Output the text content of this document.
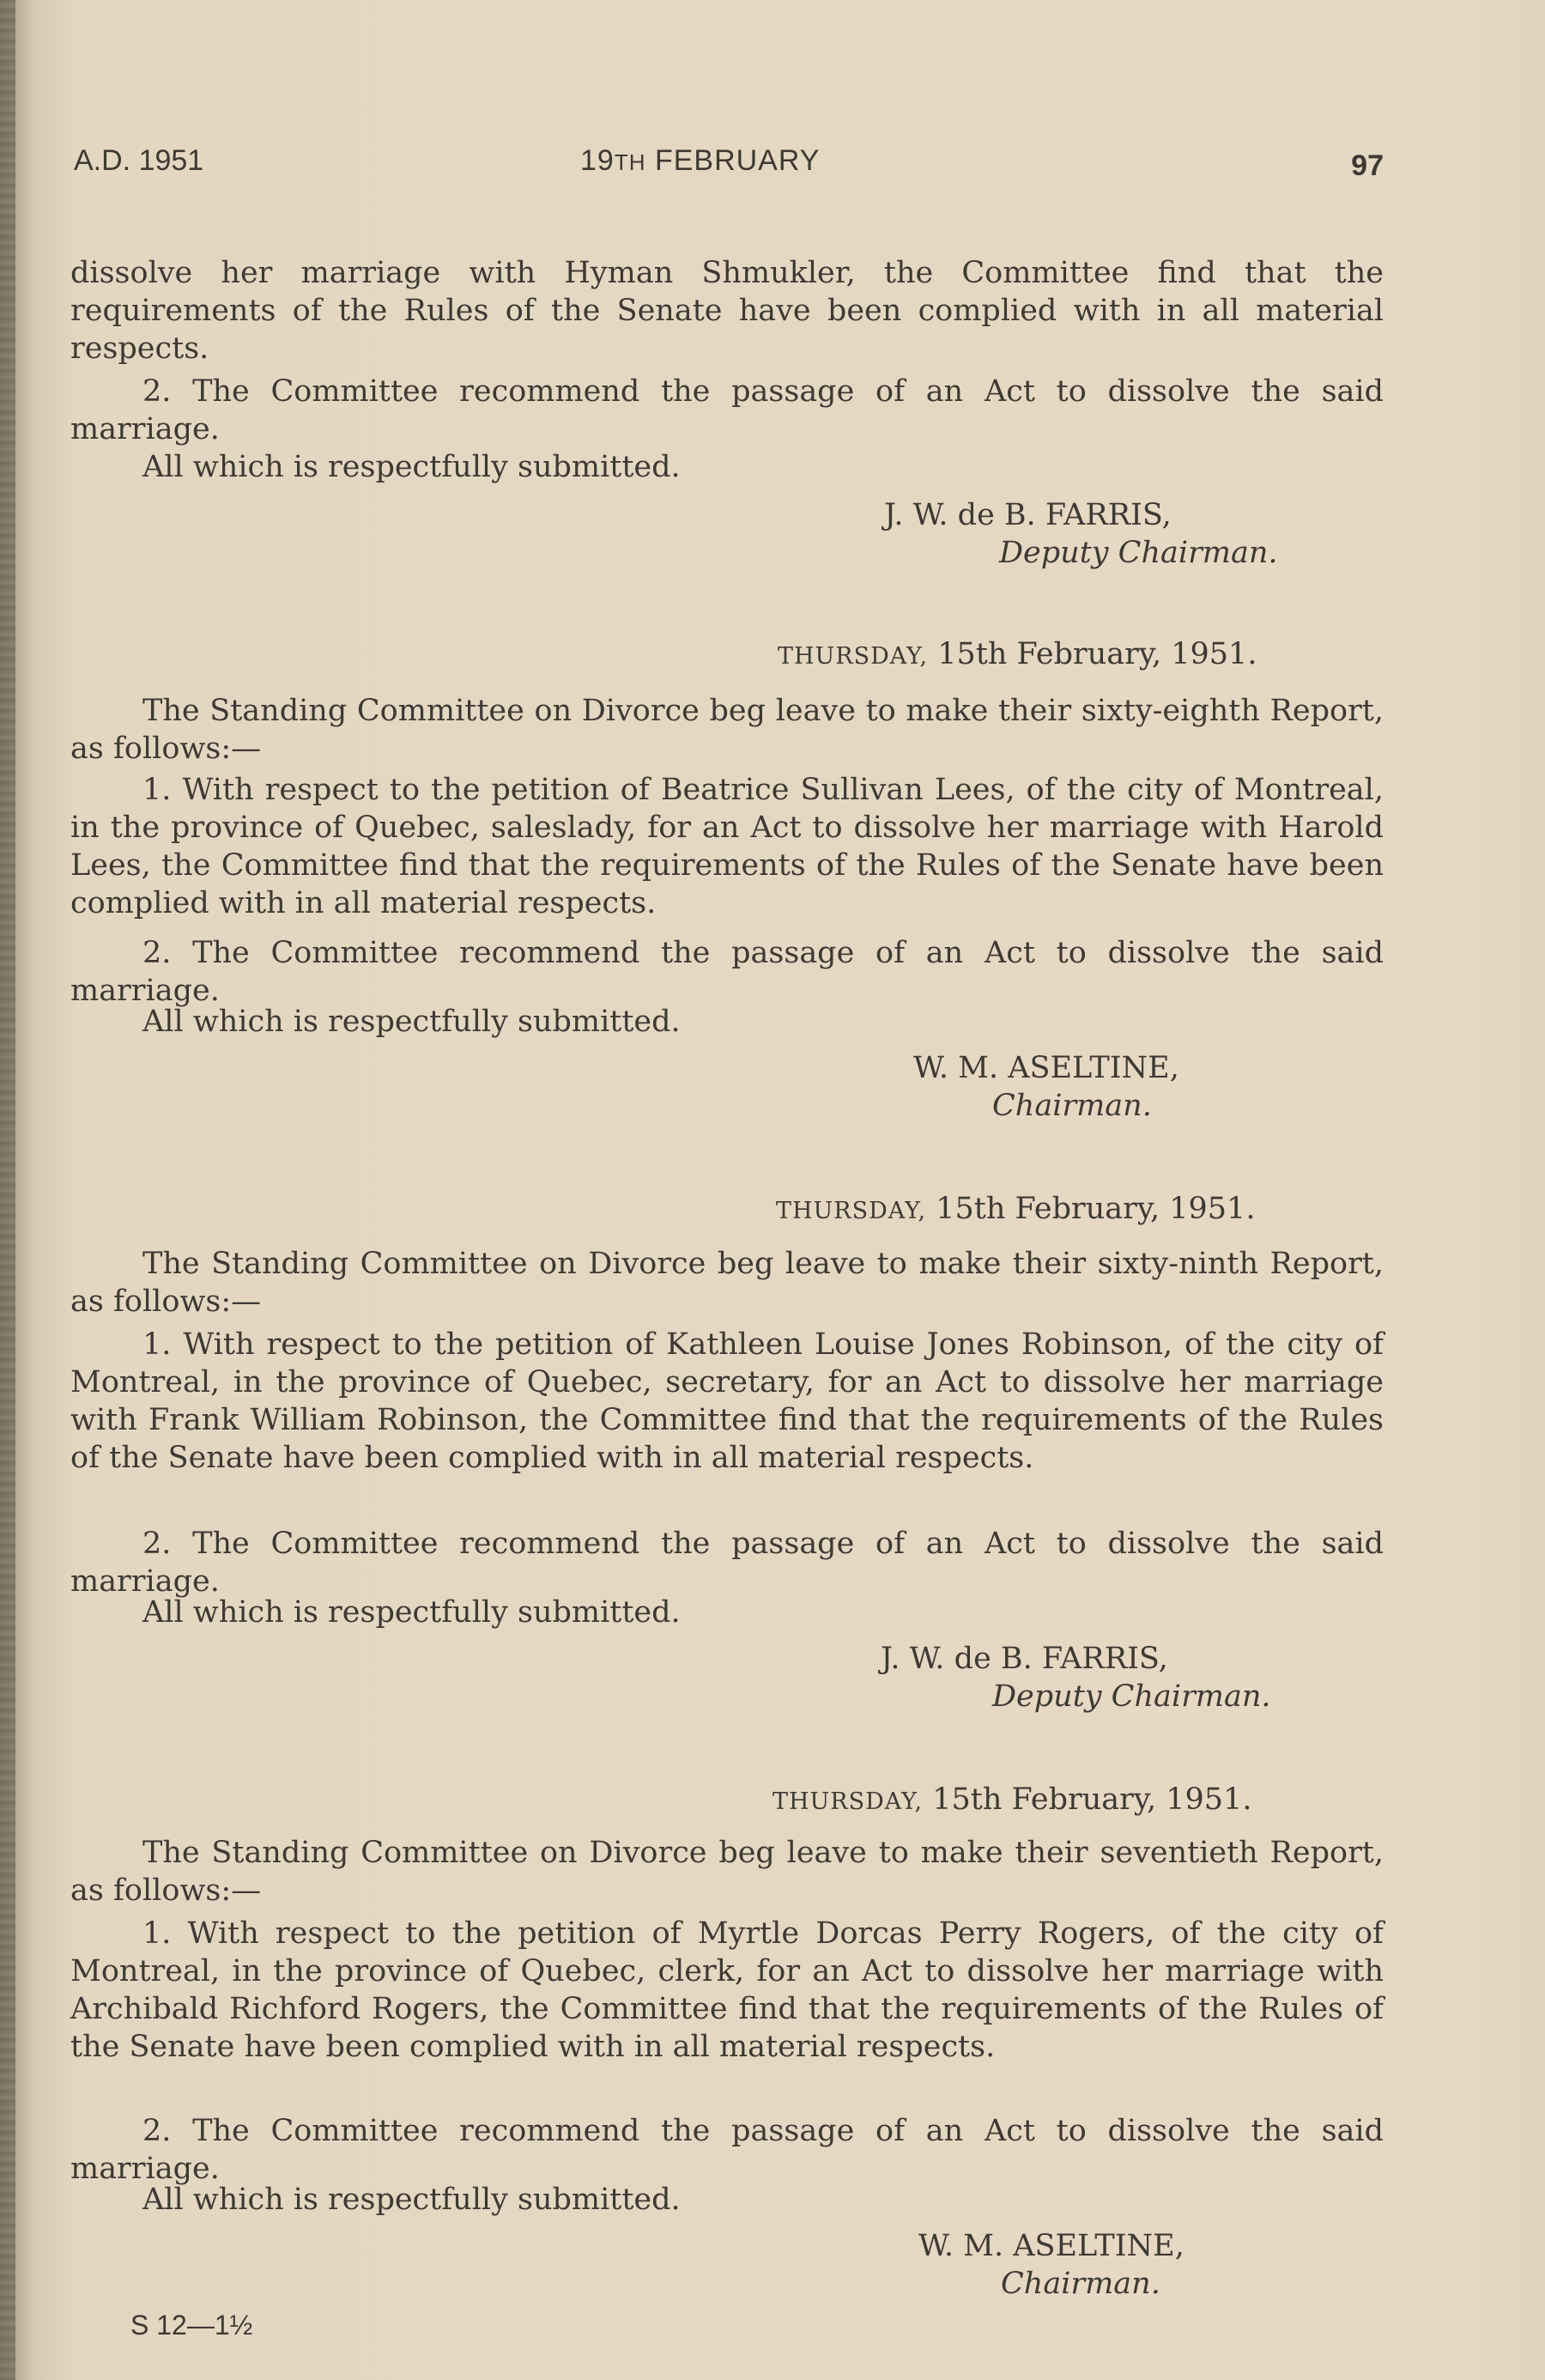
A.D. 1951	19TH FEBRUARY	97
dissolve her marriage with Hyman Shmukler, the Committee find that the requirements of the Rules of the Senate have been complied with in all material respects.
2. The Committee recommend the passage of an Act to dissolve the said marriage.
All which is respectfully submitted.
J. W. de B. FARRIS,
Deputy Chairman.
THURSDAY, 15th February, 1951.
The Standing Committee on Divorce beg leave to make their sixty-eighth Report, as follows:—
1. With respect to the petition of Beatrice Sullivan Lees, of the city of Montreal, in the province of Quebec, saleslady, for an Act to dissolve her marriage with Harold Lees, the Committee find that the requirements of the Rules of the Senate have been complied with in all material respects.
2. The Committee recommend the passage of an Act to dissolve the said marriage.
All which is respectfully submitted.
W. M. ASELTINE,
Chairman.
THURSDAY, 15th February, 1951.
The Standing Committee on Divorce beg leave to make their sixty-ninth Report, as follows:—
1. With respect to the petition of Kathleen Louise Jones Robinson, of the city of Montreal, in the province of Quebec, secretary, for an Act to dissolve her marriage with Frank William Robinson, the Committee find that the requirements of the Rules of the Senate have been complied with in all material respects.
2. The Committee recommend the passage of an Act to dissolve the said marriage.
All which is respectfully submitted.
J. W. de B. FARRIS,
Deputy Chairman.
THURSDAY, 15th February, 1951.
The Standing Committee on Divorce beg leave to make their seventieth Report, as follows:—
1. With respect to the petition of Myrtle Dorcas Perry Rogers, of the city of Montreal, in the province of Quebec, clerk, for an Act to dissolve her marriage with Archibald Richford Rogers, the Committee find that the requirements of the Rules of the Senate have been complied with in all material respects.
2. The Committee recommend the passage of an Act to dissolve the said marriage.
All which is respectfully submitted.
W. M. ASELTINE,
Chairman.
S 12—1½
